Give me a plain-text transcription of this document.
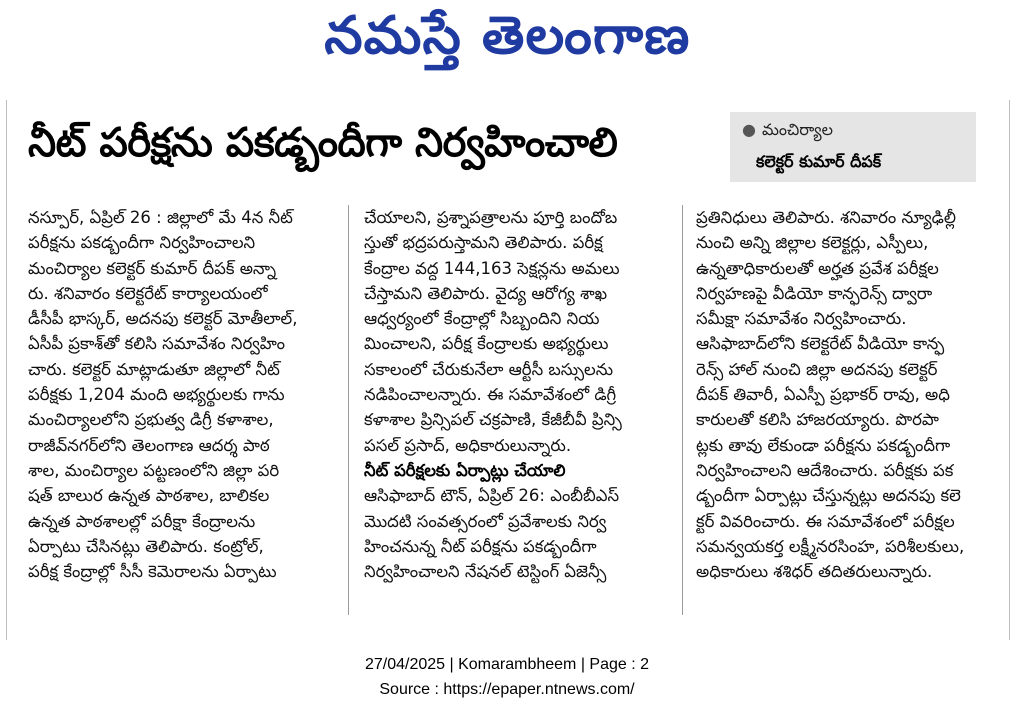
నమస్తే తెలంగాణ
నీట్ పరీక్షను పకడ్బందీగా నిర్వహించాలి	● మంచిర్యాల
కలెక్టర్ కుమార్ దీపక్
నస్పూర్, ఏప్రిల్ 26 : జిల్లాలో మే 4న నీట్
పరీక్షను పకడ్బందీగా నిర్వహించాలని
మంచిర్యాల కలెక్టర్ కుమార్ దీపక్ అన్నా
రు. శనివారం కలెక్టరేట్ కార్యాలయంలో
డీసీపీ భాస్కర్, అదనపు కలెక్టర్ మోతీలాల్,
ఏసీపీ ప్రకాశ్‌తో కలిసి సమావేశం నిర్వహిం
చారు. కలెక్టర్ మాట్లాడుతూ జిల్లాలో నీట్
పరీక్షకు 1,204 మంది అభ్యర్థులకు గాను
మంచిర్యాలలోని ప్రభుత్వ డిగ్రీ కళాశాల,
రాజీవ్‌నగర్‌లోని తెలంగాణ ఆదర్శ పాఠ
శాల, మంచిర్యాల పట్టణంలోని జిల్లా పరి
షత్ బాలుర ఉన్నత పాఠశాల, బాలికల
ఉన్నత పాఠశాలల్లో పరీక్షా కేంద్రాలను
ఏర్పాటు చేసినట్లు తెలిపారు. కంట్రోల్,
పరీక్ష కేంద్రాల్లో సీసీ కెమెరాలను ఏర్పాటు
చేయాలని, ప్రశ్నాపత్రాలను పూర్తి బందోబ
స్తుతో భద్రపరుస్తామని తెలిపారు. పరీక్ష
కేంద్రాల వద్ద 144,163 సెక్షన్లను అమలు
చేస్తామని తెలిపారు. వైద్య ఆరోగ్య శాఖ
ఆధ్వర్యంలో కేంద్రాల్లో సిబ్బందిని నియ
మించాలని, పరీక్ష కేంద్రాలకు అభ్యర్థులు
సకాలంలో చేరుకునేలా ఆర్టీసీ బస్సులను
నడిపించాలన్నారు. ఈ సమావేశంలో డిగ్రీ
కళాశాల ప్రిన్సిపల్ చక్రపాణి, కేజీబీవీ ప్రిన్సి
పసల్ ప్రసాద్, అధికారులున్నారు.
నీట్ పరీక్షలకు ఏర్పాట్లు చేయాలి
ఆసిఫాబాద్ టౌన్, ఏప్రిల్ 26: ఎంబీబీఎస్
మొదటి సంవత్సరంలో ప్రవేశాలకు నిర్వ
హించనున్న నీట్ పరీక్షను పకడ్బందీగా
నిర్వహించాలని నేషనల్ టెస్టింగ్ ఏజెన్సీ
ప్రతినిధులు తెలిపారు. శనివారం న్యూఢిల్లీ
నుంచి అన్ని జిల్లాల కలెక్టర్లు, ఎస్పీలు,
ఉన్నతాధికారులతో అర్హత ప్రవేశ పరీక్షల
నిర్వహణపై వీడియో కాన్ఫరెన్స్ ద్వారా
సమీక్షా సమావేశం నిర్వహించారు.
ఆసిఫాబాద్‌లోని కలెక్టరేట్ వీడియో కాన్ఫ
రెన్స్ హాల్ నుంచి జిల్లా అదనపు కలెక్టర్
దీపక్ తివారీ, ఏఎస్పీ ప్రభాకర్ రావు, అధి
కారులతో కలిసి హాజరయ్యారు. పొరపా
ట్లకు తావు లేకుండా పరీక్షను పకడ్బందీగా
నిర్వహించాలని ఆదేశించారు. పరీక్షకు పక
డ్బందీగా ఏర్పాట్లు చేస్తున్నట్లు అదనపు కలె
క్టర్ వివరించారు. ఈ సమావేశంలో పరీక్షల
సమన్వయకర్త లక్ష్మీనరసింహ, పరిశీలకులు,
అధికారులు శశిధర్ తదితరులున్నారు.
27/04/2025 | Komarambheem | Page : 2
Source : https://epaper.ntnews.com/
